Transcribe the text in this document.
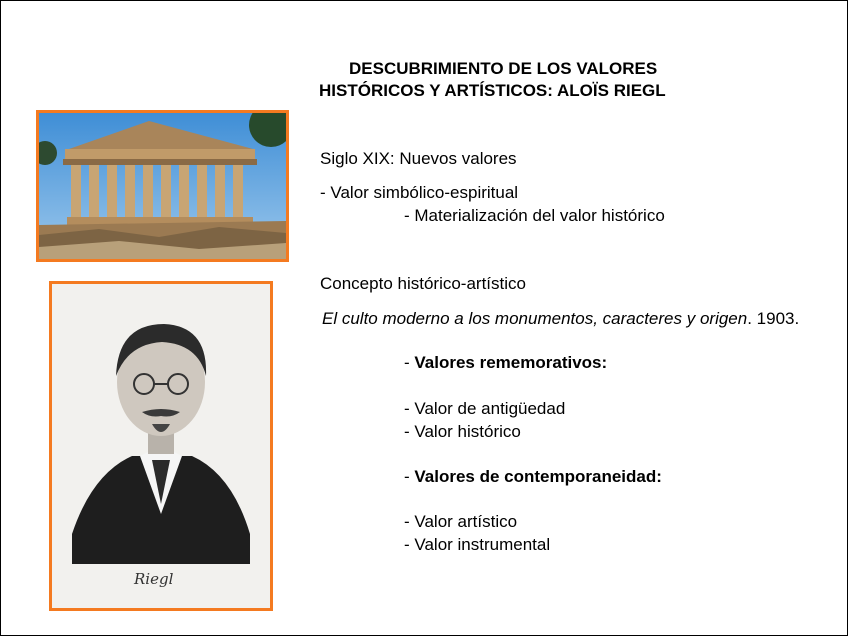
DESCUBRIMIENTO DE LOS VALORES
HISTÓRICOS Y ARTÍSTICOS: ALOÏS RIEGL
Riegl
Siglo XIX: Nuevos valores
- Valor simbólico-espiritual
- Materialización del valor histórico
Concepto histórico-artístico
El culto moderno a los monumentos, caracteres y origen. 1903.
- Valores rememorativos:
- Valor de antigüedad
- Valor histórico
- Valores de contemporaneidad:
- Valor artístico
- Valor instrumental
